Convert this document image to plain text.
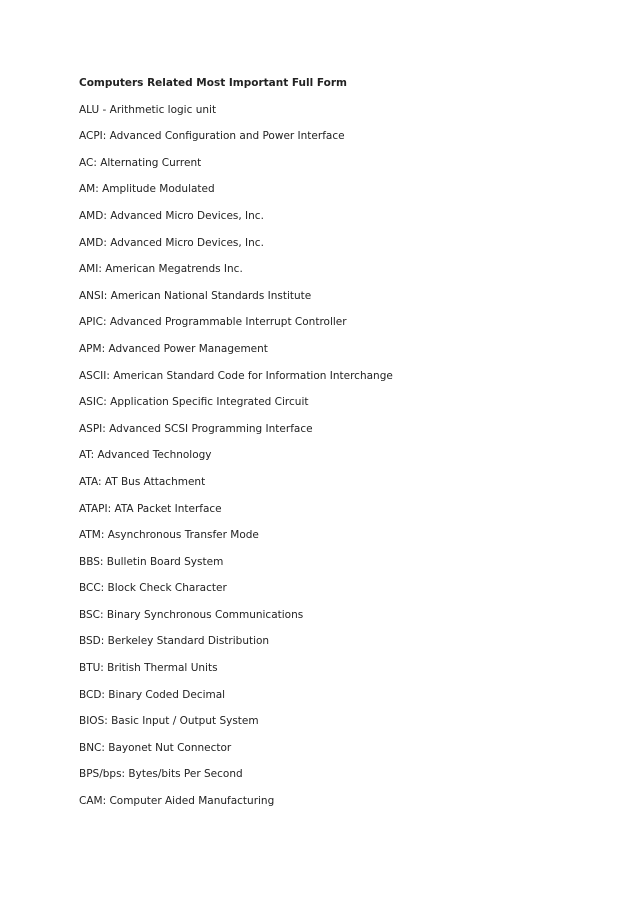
Computers Related Most Important Full Form
ALU - Arithmetic logic unit
ACPI: Advanced Configuration and Power Interface
AC: Alternating Current
AM: Amplitude Modulated
AMD: Advanced Micro Devices, Inc.
AMD: Advanced Micro Devices, Inc.
AMI: American Megatrends Inc.
ANSI: American National Standards Institute
APIC: Advanced Programmable Interrupt Controller
APM: Advanced Power Management
ASCII: American Standard Code for Information Interchange
ASIC: Application Specific Integrated Circuit
ASPI: Advanced SCSI Programming Interface
AT: Advanced Technology
ATA: AT Bus Attachment
ATAPI: ATA Packet Interface
ATM: Asynchronous Transfer Mode
BBS: Bulletin Board System
BCC: Block Check Character
BSC: Binary Synchronous Communications
BSD: Berkeley Standard Distribution
BTU: British Thermal Units
BCD: Binary Coded Decimal
BIOS: Basic Input / Output System
BNC: Bayonet Nut Connector
BPS/bps: Bytes/bits Per Second
CAM: Computer Aided Manufacturing
